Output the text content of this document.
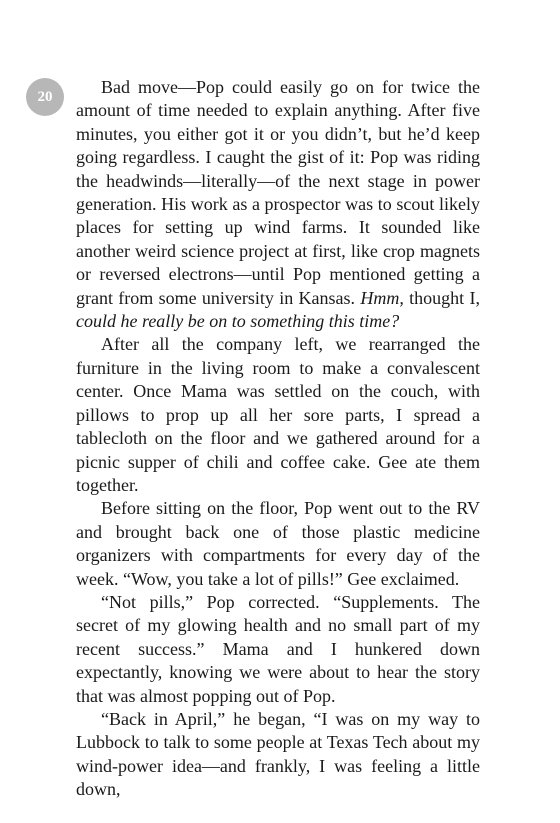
20	Bad move—Pop could easily go on for twice the amount of time needed to explain anything. After five minutes, you either got it or you didn’t, but he’d keep going regardless. I caught the gist of it: Pop was riding the headwinds—literally—of the next stage in power generation. His work as a prospector was to scout likely places for setting up wind farms. It sounded like another weird science project at first, like crop magnets or reversed electrons—until Pop mentioned getting a grant from some university in Kansas. Hmm, thought I, could he really be on to something this time?

After all the company left, we rearranged the furniture in the living room to make a convalescent center. Once Mama was settled on the couch, with pillows to prop up all her sore parts, I spread a tablecloth on the floor and we gathered around for a picnic supper of chili and coffee cake. Gee ate them together.

Before sitting on the floor, Pop went out to the RV and brought back one of those plastic medicine organizers with compartments for every day of the week. “Wow, you take a lot of pills!” Gee exclaimed.

“Not pills,” Pop corrected. “Supplements. The secret of my glowing health and no small part of my recent success.” Mama and I hunkered down expectantly, knowing we were about to hear the story that was almost popping out of Pop.

“Back in April,” he began, “I was on my way to Lubbock to talk to some people at Texas Tech about my wind-power idea—and frankly, I was feeling a little down,
